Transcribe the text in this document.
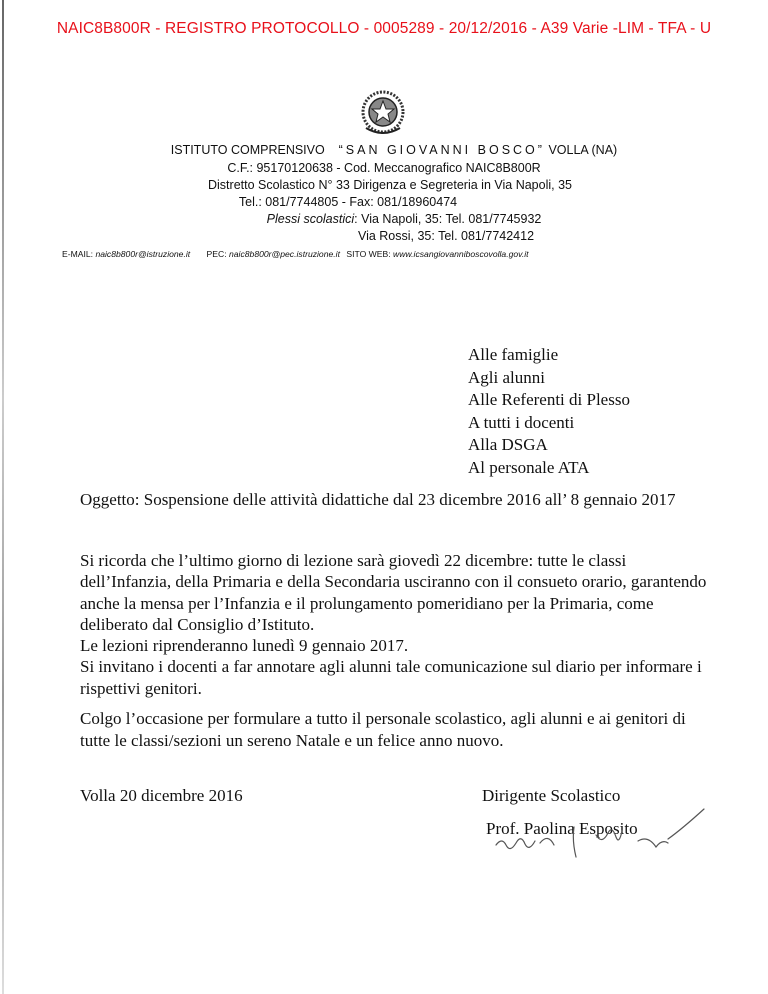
NAIC8B800R - REGISTRO PROTOCOLLO - 0005289 - 20/12/2016 - A39 Varie -LIM - TFA - U
ISTITUTO COMPRENSIVO “SAN GIOVANNI BOSCO” VOLLA (NA)
C.F.: 95170120638 - Cod. Meccanografico NAIC8B800R
Distretto Scolastico N° 33 Dirigenza e Segreteria in Via Napoli, 35
Tel.: 081/7744805 - Fax: 081/18960474
Plessi scolastici: Via Napoli, 35: Tel. 081/7745932
Via Rossi, 35: Tel. 081/7742412
E-MAIL: naic8b800r@istruzione.it PEC: naic8b800r@pec.istruzione.it SITO WEB: www.icsangiovanniboscovolla.gov.it
Alle famiglie
Agli alunni
Alle Referenti di Plesso
A tutti i docenti
Alla DSGA
Al personale ATA
Oggetto: Sospensione delle attività didattiche dal 23 dicembre 2016 all’ 8 gennaio 2017

Si ricorda che l’ultimo giorno di lezione sarà giovedì 22 dicembre: tutte le classi dell’Infanzia, della Primaria e della Secondaria usciranno con il consueto orario, garantendo anche la mensa per l’Infanzia e il prolungamento pomeridiano per la Primaria, come deliberato dal Consiglio d’Istituto.

Le lezioni riprenderanno lunedì 9 gennaio 2017.

Si invitano i docenti a far annotare agli alunni tale comunicazione sul diario per informare i rispettivi genitori.

Colgo l’occasione per formulare a tutto il personale scolastico, agli alunni e ai genitori di tutte le classi/sezioni un sereno Natale e un felice anno nuovo.
Volla 20 dicembre 2016	Dirigente Scolastico
Prof. Paolina Esposito
